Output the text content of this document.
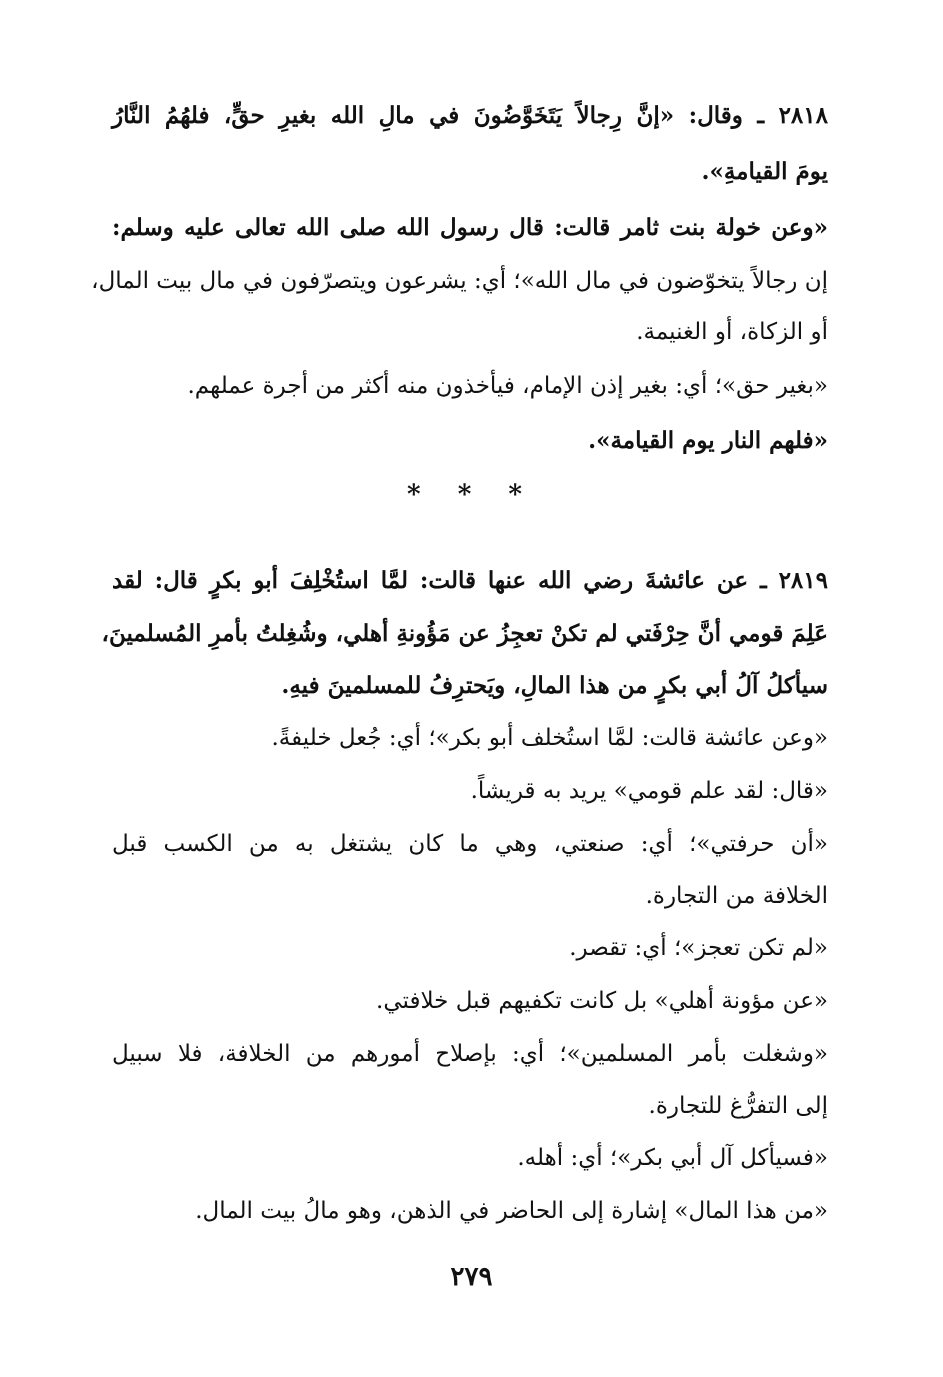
٢٨١٨ ـ وقال: «إنَّ رِجالاً يَتَخَوَّضُونَ في مالِ الله بغيرِ حقٍّ، فلهُمُ النَّارُ
يومَ القيامةِ».
«وعن خولة بنت ثامر قالت: قال رسول الله صلى الله تعالى عليه وسلم:
إن رجالاً يتخوّضون في مال الله»؛ أي: يشرعون ويتصرّفون في مال بيت المال،
أو الزكاة، أو الغنيمة.
«بغير حق»؛ أي: بغير إذن الإمام، فيأخذون منه أكثر من أجرة عملهم.
«فلهم النار يوم القيامة».
* * *
٢٨١٩ ـ عن عائشةَ رضي الله عنها قالت: لمَّا استُخْلِفَ أبو بكرٍ قال: لقد
عَلِمَ قومي أنَّ حِرْفَتي لم تكنْ تعجِزُ عن مَؤُونةِ أهلي، وشُغِلتُ بأمرِ المُسلمينَ،
سيأكلُ آلُ أبي بكرٍ من هذا المالِ، ويَحترِفُ للمسلمينَ فيهِ.
«وعن عائشة قالت: لمَّا استُخلف أبو بكر»؛ أي: جُعل خليفةً.
«قال: لقد علم قومي» يريد به قريشاً.
«أن حرفتي»؛ أي: صنعتي، وهي ما كان يشتغل به من الكسب قبل
الخلافة من التجارة.
«لم تكن تعجز»؛ أي: تقصر.
«عن مؤونة أهلي» بل كانت تكفيهم قبل خلافتي.
«وشغلت بأمر المسلمين»؛ أي: بإصلاح أمورهم من الخلافة، فلا سبيل
إلى التفرُّغ للتجارة.
«فسيأكل آل أبي بكر»؛ أي: أهله.
«من هذا المال» إشارة إلى الحاضر في الذهن، وهو مالُ بيت المال.
٢٧٩
